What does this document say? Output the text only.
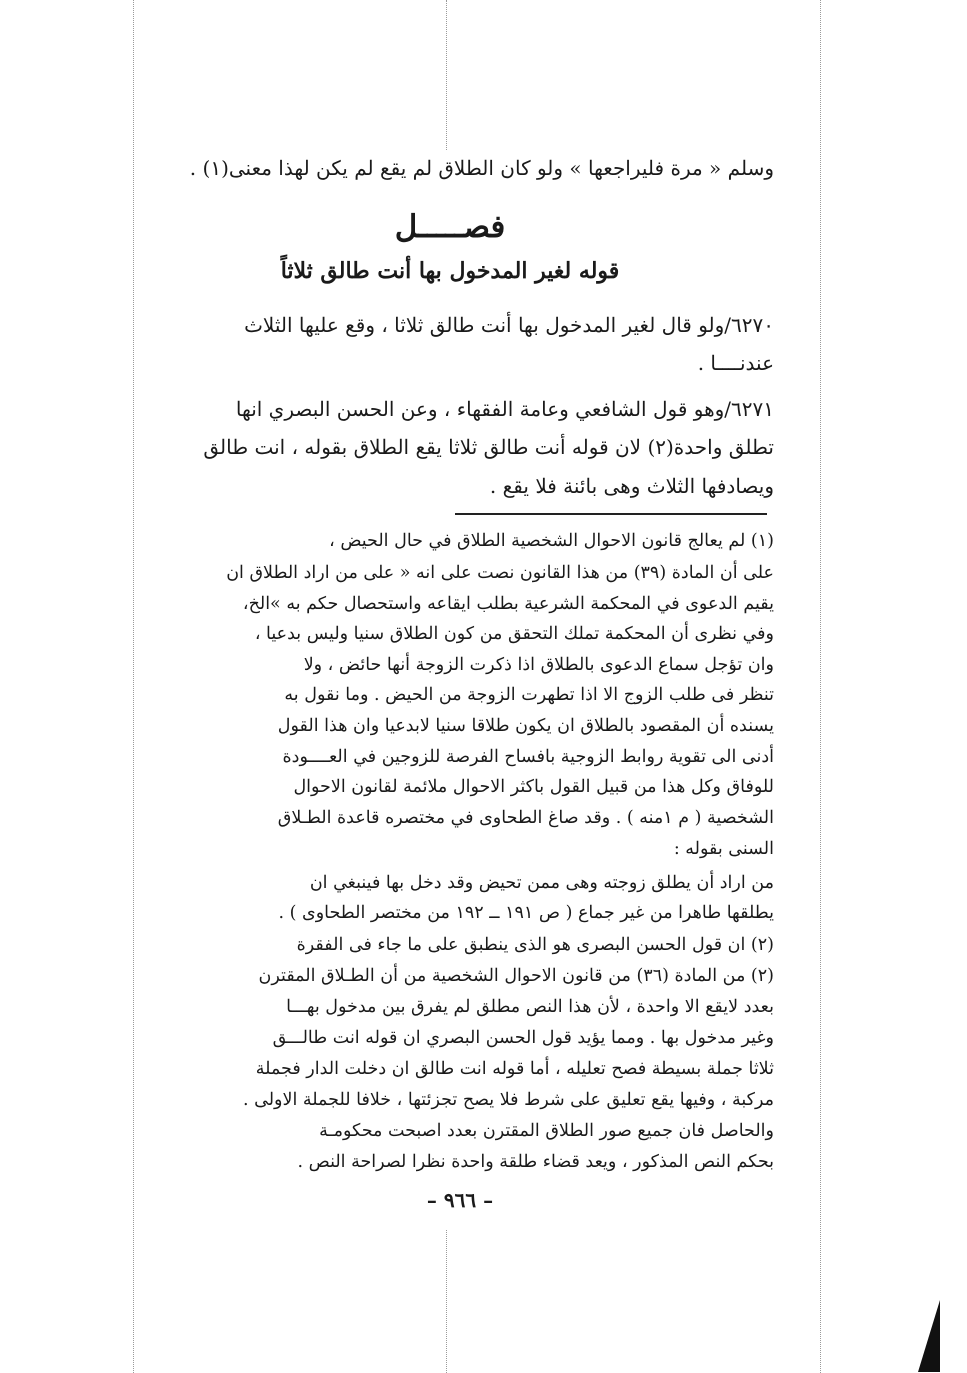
وسلم « مرة فليراجعها » ولو كان الطلاق لم يقع لم يكن لهذا معنى(١) .
فصـــــل
قوله لغير المدخول بها أنت طالق ثلاثاً
٦٢٧٠/ولو قال لغير المدخول بها أنت طالق ثلاثا ، وقع عليها الثلاث
عندنــــا .
٦٢٧١/وهو قول الشافعي وعامة الفقهاء ، وعن الحسن البصري انها
تطلق واحدة(٢) لان قوله أنت طالق ثلاثا يقع الطلاق بقوله ، انت طالق
ويصادفها الثلاث وهى بائنة فلا يقع .
(١) لم يعالج قانون الاحوال الشخصية الطلاق في حال الحيض ،
على أن المادة (٣٩) من هذا القانون نصت على انه « على من اراد الطلاق ان
يقيم الدعوى في المحكمة الشرعية بطلب ايقاعه واستحصال حكم به »الخ،
وفي نظرى أن المحكمة تملك التحقق من كون الطلاق سنيا وليس بدعيا ،
وان تؤجل سماع الدعوى بالطلاق اذا ذكرت الزوجة أنها حائض ، ولا
تنظر فى طلب الزوج الا اذا تطهرت الزوجة من الحيض . وما نقول به
يسنده أن المقصود بالطلاق ان يكون طلاقا سنيا لابدعيا وان هذا القول
أدنى الى تقوية روابط الزوجية بافساح الفرصة للزوجين في العــــودة
للوفاق وكل هذا من قبيل القول باكثر الاحوال ملائمة لقانون الاحوال
الشخصية ( م ١منه ) . وقد صاغ الطحاوى في مختصره قاعدة الطـلاق
السنى بقوله :
من اراد أن يطلق زوجته وهى ممن تحيض وقد دخل بها فينبغي ان
يطلقها طاهرا من غير جماع ( ص ١٩١ ــ ١٩٢ من مختصر الطحاوى ) .
(٢) ان قول الحسن البصرى هو الذى ينطبق على ما جاء فى الفقرة
(٢) من المادة (٣٦) من قانون الاحوال الشخصية من أن الطـلاق المقترن
بعدد لايقع الا واحدة ، لأن هذا النص مطلق لم يفرق بين مدخول بهـــا
وغير مدخول بها . ومما يؤيد قول الحسن البصري ان قوله انت طالـــق
ثلاثا جملة بسيطة فصح تعليله ، أما قوله انت طالق ان دخلت الدار فجملة
مركبة ، وفيها يقع تعليق على شرط فلا يصح تجزئتها ، خلافا للجملة الاولى .
والحاصل فان جميع صور الطلاق المقترن بعدد اصبحت محكومـة
بحكم النص المذكور ، ويعد قضاء طلقة واحدة نظرا لصراحة النص .
– ٩٦٦ –
